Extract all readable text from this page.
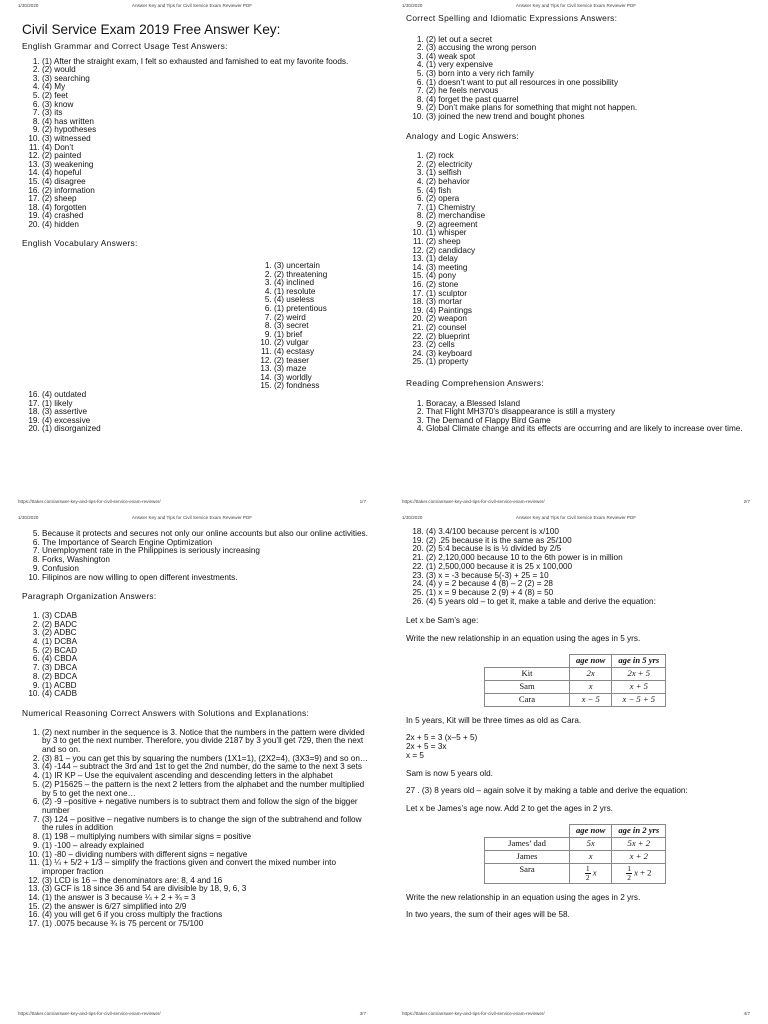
1/30/2020	Answer Key and Tips for Civil Service Exam Reviewer PDF
Civil Service Exam 2019 Free Answer Key:
English Grammar and Correct Usage Test Answers:
1. (1) After the straight exam, I felt so exhausted and famished to eat my favorite foods.
2. (2) would
3. (3) searching
4. (4) My
5. (2) feet
6. (3) know
7. (3) its
8. (4) has written
9. (2) hypotheses
10. (3) witnessed
11. (4) Don’t
12. (2) painted
13. (3) weakening
14. (4) hopeful
15. (4) disagree
16. (2) information
17. (2) sheep
18. (4) forgotten
19. (4) crashed
20. (4) hidden
English Vocabulary Answers:
1. (3) uncertain
2. (2) threatening
3. (4) inclined
4. (1) resolute
5. (4) useless
6. (1) pretentious
7. (2) weird
8. (3) secret
9. (1) brief
10. (2) vulgar
11. (4) ecstasy
12. (2) teaser
13. (3) maze
14. (3) worldly
15. (2) fondness
16. (4) outdated
17. (1) likely
18. (3) assertive
19. (4) excessive
20. (1) disorganized
https://ttaker.com/answer-key-and-tips-for-civil-service-exam-reviewer/	1/7
1/30/2020	Answer Key and Tips for Civil Service Exam Reviewer PDF
Correct Spelling and Idiomatic Expressions Answers:
1. (2) let out a secret
2. (3) accusing the wrong person
3. (4) weak spot
4. (1) very expensive
5. (3) born into a very rich family
6. (1) doesn’t want to put all resources in one possibility
7. (2) he feels nervous
8. (4) forget the past quarrel
9. (2) Don’t make plans for something that might not happen.
10. (3) joined the new trend and bought phones
Analogy and Logic Answers:
1. (2) rock
2. (2) electricity
3. (1) selfish
4. (2) behavior
5. (4) fish
6. (2) opera
7. (1) Chemistry
8. (2) merchandise
9. (2) agreement
10. (1) whisper
11. (2) sheep
12. (2) candidacy
13. (1) delay
14. (3) meeting
15. (4) pony
16. (2) stone
17. (1) sculptor
18. (3) mortar
19. (4) Paintings
20. (2) weapon
21. (2) counsel
22. (2) blueprint
23. (2) cells
24. (3) keyboard
25. (1) property
Reading Comprehension Answers:
1. Boracay, a Blessed Island
2. That Flight MH370’s disappearance is still a mystery
3. The Demand of Flappy Bird Game
4. Global Climate change and its effects are occurring and are likely to increase over time.
https://ttaker.com/answer-key-and-tips-for-civil-service-exam-reviewer/	2/7
1/30/2020	Answer Key and Tips for Civil Service Exam Reviewer PDF
5. Because it protects and secures not only our online accounts but also our online activities.
6. The Importance of Search Engine Optimization
7. Unemployment rate in the Philippines is seriously increasing
8. Forks, Washington
9. Confusion
10. Filipinos are now willing to open different investments.
Paragraph Organization Answers:
1. (3) CDAB
2. (2) BADC
3. (2) ADBC
4. (1) DCBA
5. (2) BCAD
6. (4) CBDA
7. (3) DBCA
8. (2) BDCA
9. (1) ACBD
10. (4) CADB
Numerical Reasoning Correct Answers with Solutions and Explanations:
1. (2) next number in the sequence is 3. Notice that the numbers in the pattern were divided by 3 to get the next number. Therefore, you divide 2187 by 3 you’ll get 729, then the next and so on.
2. (3) 81 – you can get this by squaring the numbers (1X1=1), (2X2=4), (3X3=9) and so on…
3. (4) -144 – subtract the 3rd and 1st to get the 2nd number, do the same to the next 3 sets
4. (1) IR KP – Use the equivalent ascending and descending letters in the alphabet
5. (2) P15625 – the pattern is the next 2 letters from the alphabet and the number multiplied by 5 to get the next one…
6. (2) -9 –positive + negative numbers is to subtract them and follow the sign of the bigger number
7. (3) 124 – positive – negative numbers is to change the sign of the subtrahend and follow the rules in addition
8. (1) 198 – multiplying numbers with similar signs = positive
9. (1) -100 – already explained
10. (1) -80 – dividing numbers with different signs = negative
11. (1) ¼ + 5/2 + 1/3 – simplify the fractions given and convert the mixed number into improper fraction
12. (3) LCD is 16 – the denominators are: 8, 4 and 16
13. (3) GCF is 18 since 36 and 54 are divisible by 18, 9, 6, 3
14. (1) the answer is 3 because ¼ + 2 + ¾ = 3
15. (2) the answer is 6/27 simplified into 2/9
16. (4) you will get 6 if you cross multiply the fractions
17. (1) .0075 because ¾ is 75 percent or 75/100
https://ttaker.com/answer-key-and-tips-for-civil-service-exam-reviewer/	3/7
1/30/2020	Answer Key and Tips for Civil Service Exam Reviewer PDF
18. (4) 3.4/100 because percent is x/100
19. (2) .25 because it is the same as 25/100
20. (2) 5:4 because is is ½ divided by 2/5
21. (2) 2,120,000 because 10 to the 6th power is in million
22. (1) 2,500,000 because it is 25 x 100,000
23. (3) x = -3 because 5(-3) + 25 = 10
24. (4) y = 2 because 4 (8) – 2 (2) = 28
25. (1) x = 9 because 2 (9) + 4 (8) = 50
26. (4) 5 years old – to get it, make a table and derive the equation:

Let x be Sam’s age:

Write the new relationship in an equation using the ages in 5 yrs.

	age now	age in 5 yrs
Kit	2x	2x + 5
Sam	x	x + 5
Cara	x − 5	x − 5 + 5

In 5 years, Kit will be three times as old as Cara.

2x + 5 = 3 (x–5 + 5)
2x + 5 = 3x
x = 5

Sam is now 5 years old.

27 . (3) 8 years old – again solve it by making a table and derive the equation:

Let x be James’s age now. Add 2 to get the ages in 2 yrs.

	age now	age in 2 yrs
James’ dad	5x	5x + 2
James	x	x + 2
Sara	$\frac{1}{2}$ x	$\frac{1}{2}$ x + 2

Write the new relationship in an equation using the ages in 2 yrs.

In two years, the sum of their ages will be 58.

https://ttaker.com/answer-key-and-tips-for-civil-service-exam-reviewer/	4/7
